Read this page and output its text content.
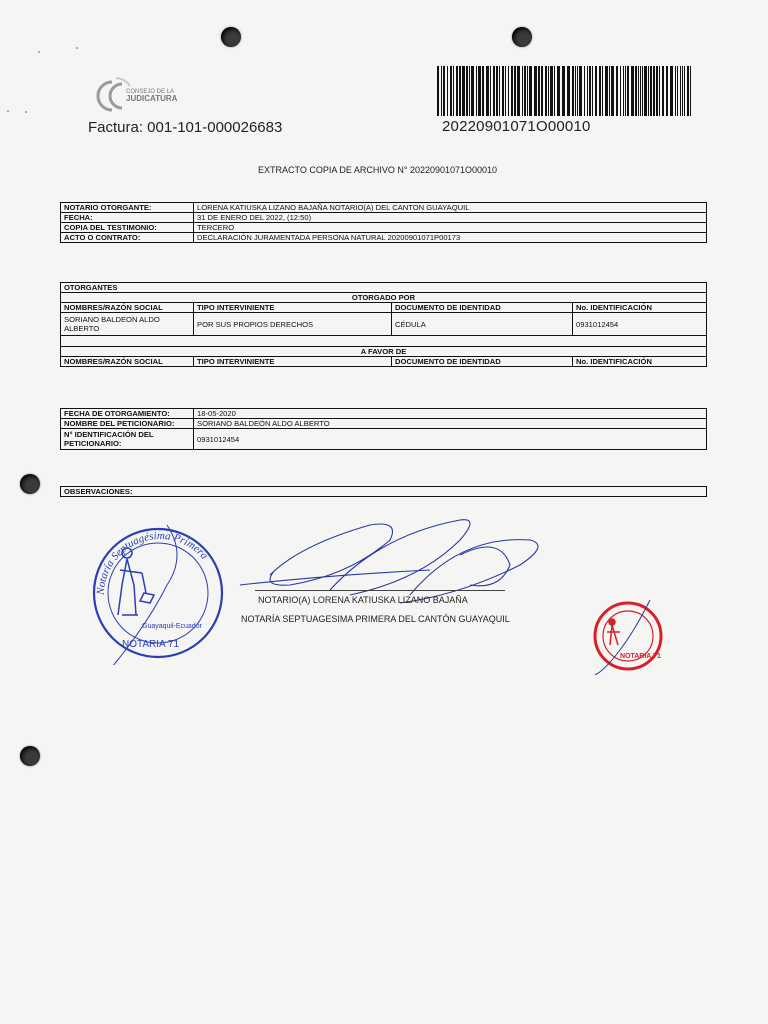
CONSEJO DE LA
JUDICATURA
Factura: 001-101-000026683	20220901071O00010
EXTRACTO COPIA DE ARCHIVO N° 20220901071O00010
NOTARIO OTORGANTE:	LORENA KATIUSKA LIZANO BAJAÑA NOTARIO(A) DEL CANTON GUAYAQUIL
FECHA:	31 DE ENERO DEL 2022, (12:50)
COPIA DEL TESTIMONIO:	TERCERO
ACTO O CONTRATO:	DECLARACIÓN JURAMENTADA PERSONA NATURAL 20200901071P00173
OTORGANTES			
OTORGADO POR			
NOMBRES/RAZÓN SOCIAL	TIPO INTERVINIENTE	DOCUMENTO DE IDENTIDAD	No. IDENTIFICACIÓN
SORIANO BALDEON ALDO ALBERTO	POR SUS PROPIOS DERECHOS	CÉDULA	0931012454

A FAVOR DE			
NOMBRES/RAZÓN SOCIAL	TIPO INTERVINIENTE	DOCUMENTO DE IDENTIDAD	No. IDENTIFICACIÓN
FECHA DE OTORGAMIENTO:	18-05-2020
NOMBRE DEL PETICIONARIO:	SORIANO BALDEÓN ALDO ALBERTO
N° IDENTIFICACIÓN DEL PETICIONARIO:	0931012454
OBSERVACIONES:
Notaría Septuagésima Primera
Guayaquil-Ecuador
NOTARIA 71
NOTARIO(A) LORENA KATIUSKA LIZANO BAJAÑA
NOTARÍA SEPTUAGESIMA PRIMERA DEL CANTÓN GUAYAQUIL
NOTARIA 71
